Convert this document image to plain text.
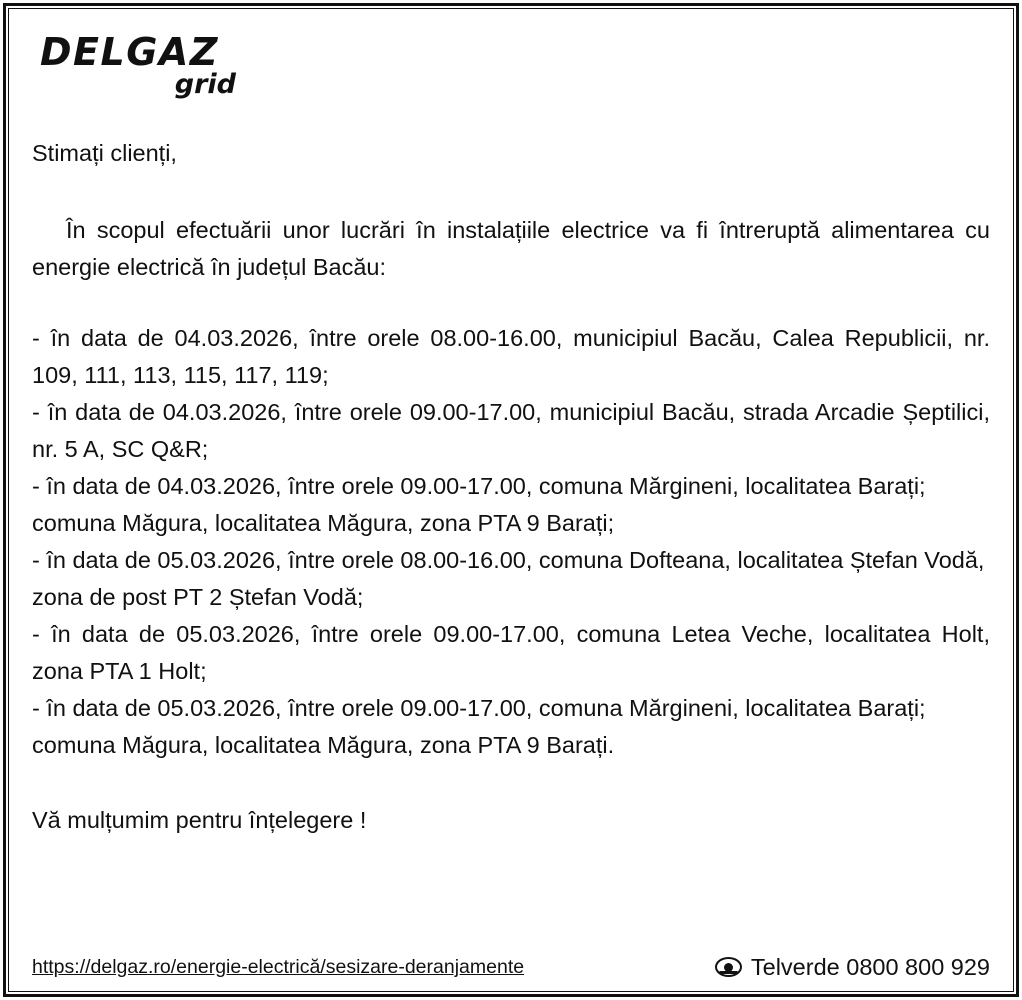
DELGAZ
grid
Stimați clienți,
În scopul efectuării unor lucrări în instalațiile electrice va fi întreruptă alimentarea cu energie electrică în județul Bacău:
- în data de 04.03.2026, între orele 08.00-16.00, municipiul Bacău, Calea Republicii, nr. 109, 111, 113, 115, 117, 119;
- în data de 04.03.2026, între orele 09.00-17.00, municipiul Bacău, strada Arcadie Șeptilici, nr. 5 A, SC Q&R;
- în data de 04.03.2026, între orele 09.00-17.00, comuna Mărgineni, localitatea Barați; comuna Măgura, localitatea Măgura, zona PTA 9 Barați;
- în data de 05.03.2026, între orele 08.00-16.00, comuna Dofteana, localitatea Ștefan Vodă, zona de post PT 2 Ștefan Vodă;
- în data de 05.03.2026, între orele 09.00-17.00, comuna Letea Veche, localitatea Holt, zona PTA 1 Holt;
- în data de 05.03.2026, între orele 09.00-17.00, comuna Mărgineni, localitatea Barați; comuna Măgura, localitatea Măgura, zona PTA 9 Barați.
Vă mulțumim pentru înțelegere !
https://delgaz.ro/energie-electrică/sesizare-deranjamente	Telverde 0800 800 929
